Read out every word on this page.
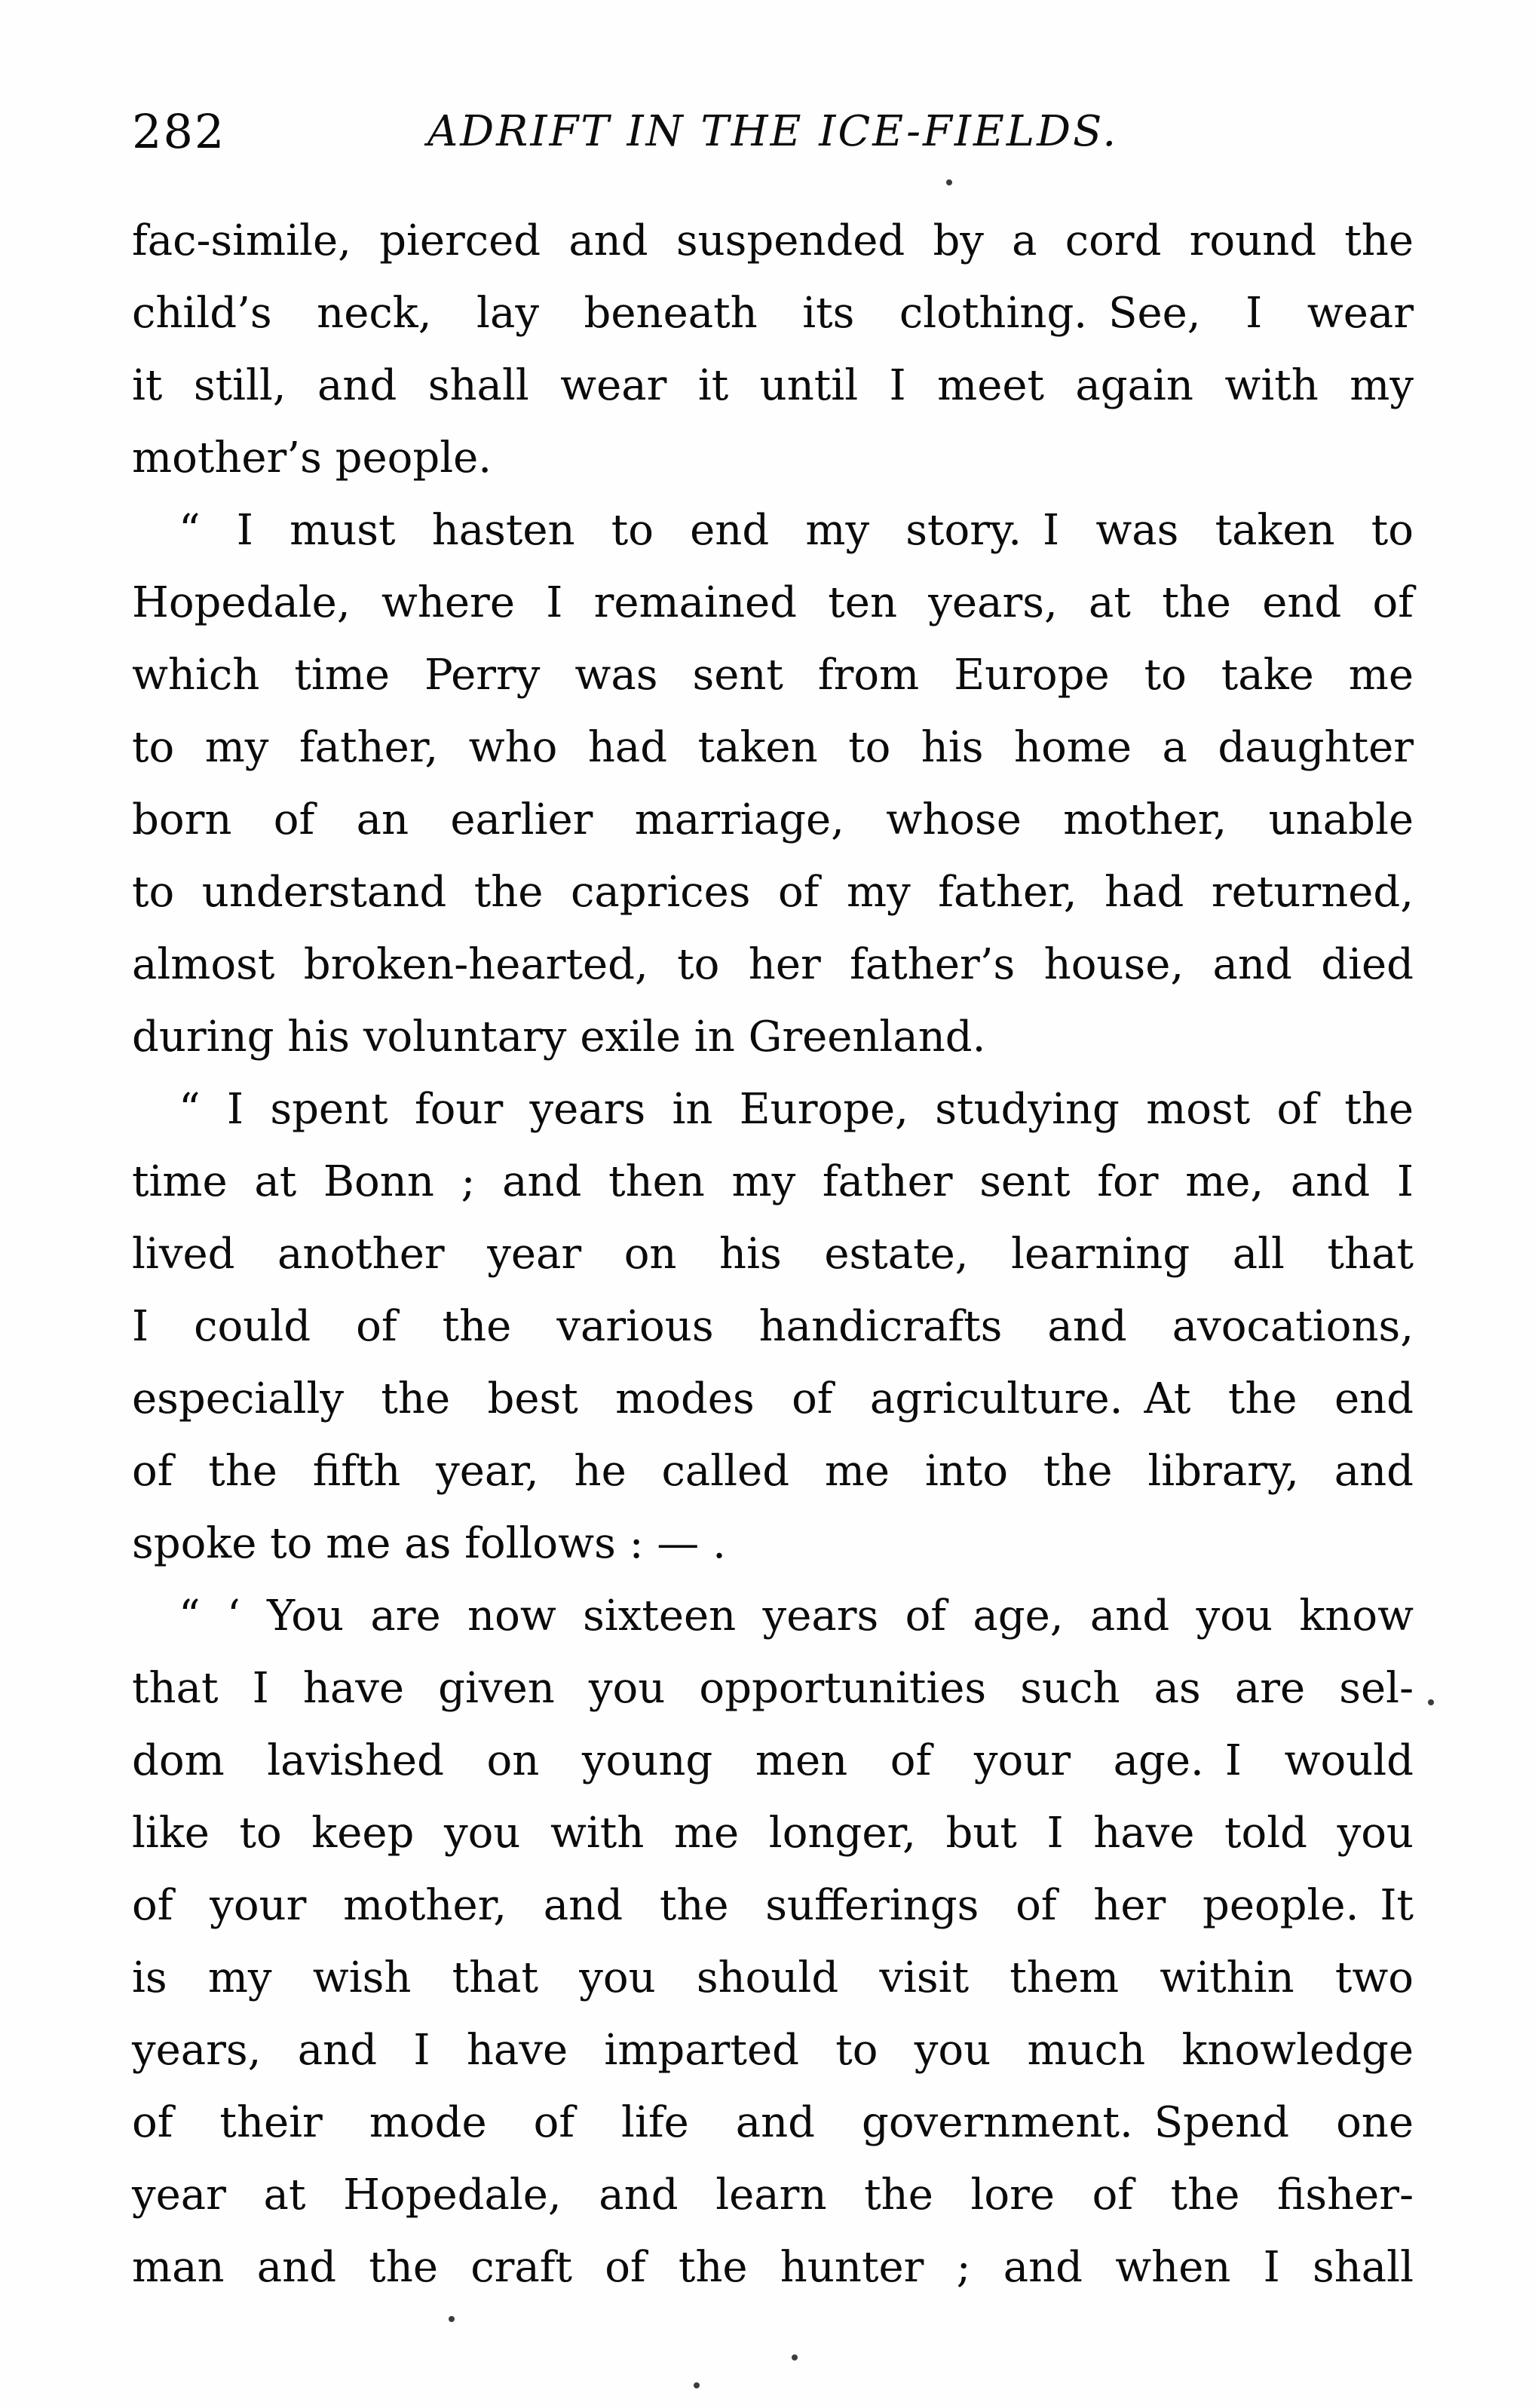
282	ADRIFT IN THE ICE-FIELDS.
fac-simile, pierced and suspended by a cord round the
child’s neck, lay beneath its clothing. See, I wear
it still, and shall wear it until I meet again with my
mother’s people.
“ I must hasten to end my story. I was taken to
Hopedale, where I remained ten years, at the end of
which time Perry was sent from Europe to take me
to my father, who had taken to his home a daughter
born of an earlier marriage, whose mother, unable
to understand the caprices of my father, had returned,
almost broken-hearted, to her father’s house, and died
during his voluntary exile in Greenland.
“ I spent four years in Europe, studying most of the
time at Bonn ; and then my father sent for me, and I
lived another year on his estate, learning all that
I could of the various handicrafts and avocations,
especially the best modes of agriculture. At the end
of the fifth year, he called me into the library, and
spoke to me as follows : — .
“ ‘ You are now sixteen years of age, and you know
that I have given you opportunities such as are sel-
dom lavished on young men of your age. I would
like to keep you with me longer, but I have told you
of your mother, and the sufferings of her people. It
is my wish that you should visit them within two
years, and I have imparted to you much knowledge
of their mode of life and government. Spend one
year at Hopedale, and learn the lore of the fisher-
man and the craft of the hunter ; and when I shall
